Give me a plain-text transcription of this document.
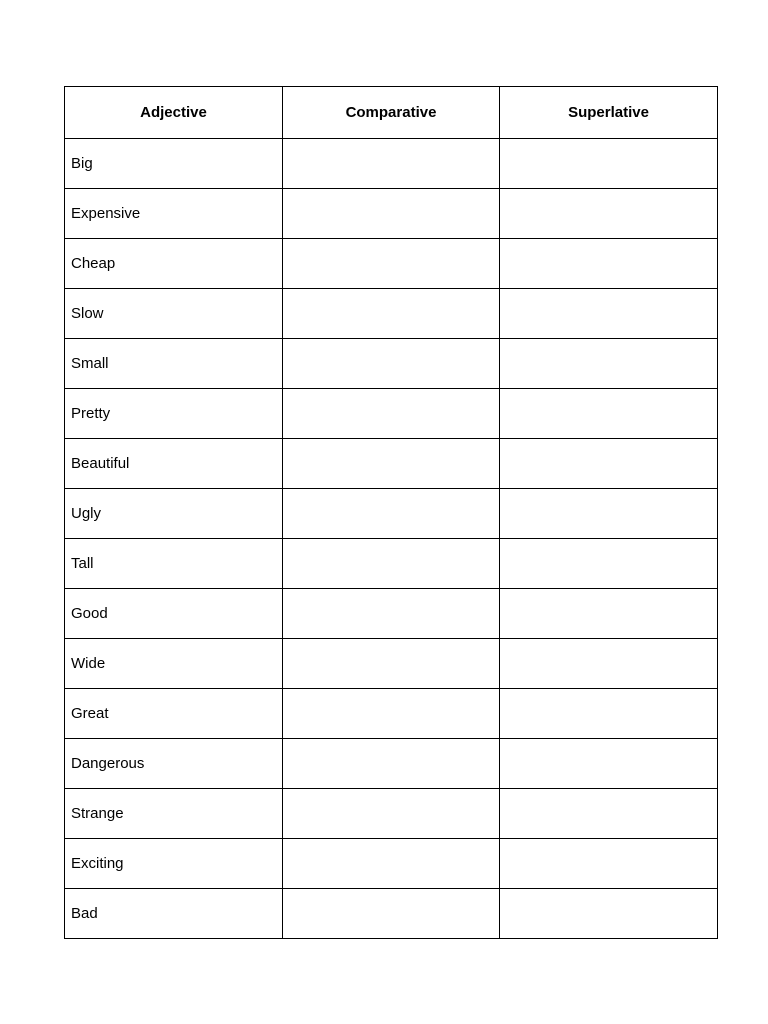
Adjective	Comparative	Superlative
Big		
Expensive		
Cheap		
Slow		
Small		
Pretty		
Beautiful		
Ugly		
Tall		
Good		
Wide		
Great		
Dangerous		
Strange		
Exciting		
Bad		
